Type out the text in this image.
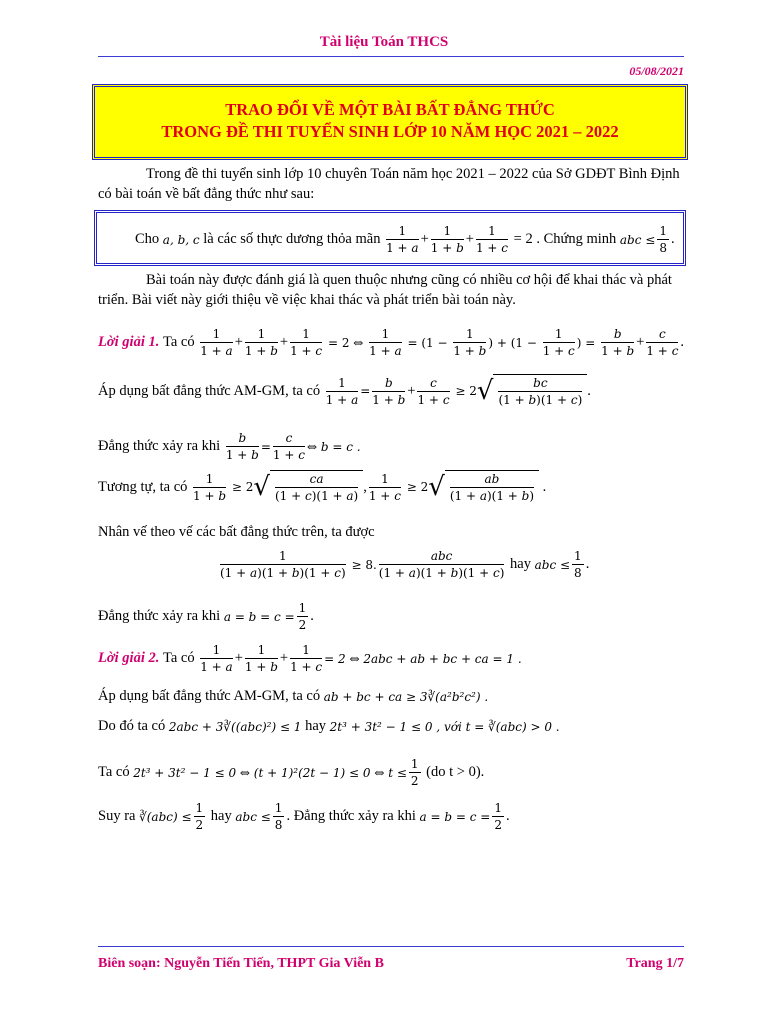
Tài liệu Toán THCS
05/08/2021
TRAO ĐỔI VỀ MỘT BÀI BẤT ĐẲNG THỨC
TRONG ĐỀ THI TUYỂN SINH LỚP 10 NĂM HỌC 2021 – 2022
Trong đề thi tuyển sinh lớp 10 chuyên Toán năm học 2021 – 2022 của Sở GDĐT Bình Định có bài toán về bất đẳng thức như sau:
Cho
a, b, c
là các số thực dương thỏa mãn
$\frac{1}{1 + a} + \frac{1}{1 + b} + \frac{1}{1 + c}$
= 2 . Chứng minh
abc ≤ $\frac{1}{8}$ .
Bài toán này được đánh giá là quen thuộc nhưng cũng có nhiều cơ hội để khai thác và phát triển. Bài viết này giới thiệu về việc khai thác và phát triển bài toán này.
Lời giải 1.
Ta có
$\frac{1}{1 + a} + \frac{1}{1 + b} + \frac{1}{1 + c} = 2$ ⇔ $\frac{1}{1 + a} = (1 - \frac{1}{1 + b}$ ) + ($1 - \frac{1}{1 + c}$ ) = $\frac{b}{1 + b} + \frac{c}{1 + c}$ .
Áp dụng bất đẳng thức AM-GM, ta có
$\frac{1}{1 + a} = \frac{b}{1 + b} + \frac{c}{1 + c} \ge 2$ √ $\frac{bc}{(1 + b)(1 + c)}$ .
Đẳng thức xảy ra khi
$\frac{b}{1 + b} = \frac{c}{1 + c}$ ⇔ b = c .
Tương tự, ta có
$\frac{1}{1 + b} \ge 2$ √ $\frac{ca}{(1 + c)(1 + a)}$ , $\frac{1}{1 + c} \ge 2$ √ $\frac{ab}{(1 + a)(1 + b)}$ .
Nhân vế theo vế các bất đẳng thức trên, ta được
$\frac{1}{(1 + a)(1 + b)(1 + c)} \ge 8$. $\frac{\text{abc}}{(1 + a)(1 + b)(1 + c)}$
hay
abc ≤ $\frac{1}{8}$ .
Đẳng thức xảy ra khi
$a = b = c = \frac{1}{2}$ .
Lời giải 2.
Ta có
$\frac{1}{1 + a} + \frac{1}{1 + b} + \frac{1}{1 + c} = 2$ ⇔ 2abc + ab + bc + ca = 1 .
Áp dụng bất đẳng thức AM-GM, ta có
ab + bc + ca ≥ 3∛(a²b²c²) .
Do đó ta có
2abc + 3∛((abc)²) ≤ 1
hay
2t³ + 3t² − 1 ≤ 0 , với t = ∛(abc) > 0 .
Ta có
2t³ + 3t² − 1 ≤ 0 ⇔ (t + 1)²(2t − 1) ≤ 0 ⇔ $t \le \frac{1}{2}$
(do t > 0).
Suy ra
∛(abc) ≤ $\frac{1}{2}$
hay
abc ≤ $\frac{1}{8}$ . Đẳng thức xảy ra khi
$a = b = c = \frac{1}{2}$ .
Biên soạn: Nguyễn Tiến Tiến, THPT Gia Viễn B	Trang 1/7
